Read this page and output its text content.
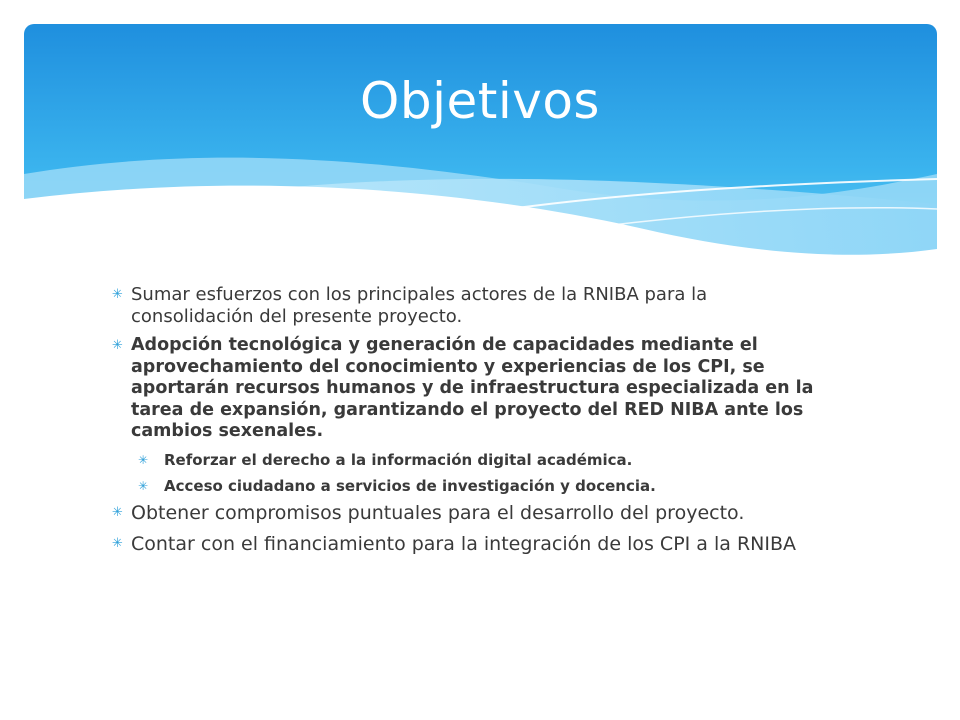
Objetivos
✳ Sumar esfuerzos con los principales actores de la RNIBA para la consolidación del presente proyecto.
✳ Adopción tecnológica y generación de capacidades mediante el aprovechamiento del conocimiento y experiencias de los CPI, se aportarán recursos humanos y de infraestructura especializada en la tarea de expansión, garantizando el proyecto del RED NIBA ante los cambios sexenales.
✳ Reforzar el derecho a la información digital académica.
✳ Acceso ciudadano a servicios de investigación y docencia.
✳ Obtener compromisos puntuales para el desarrollo del proyecto.
✳ Contar con el financiamiento para la integración de los CPI a la RNIBA
